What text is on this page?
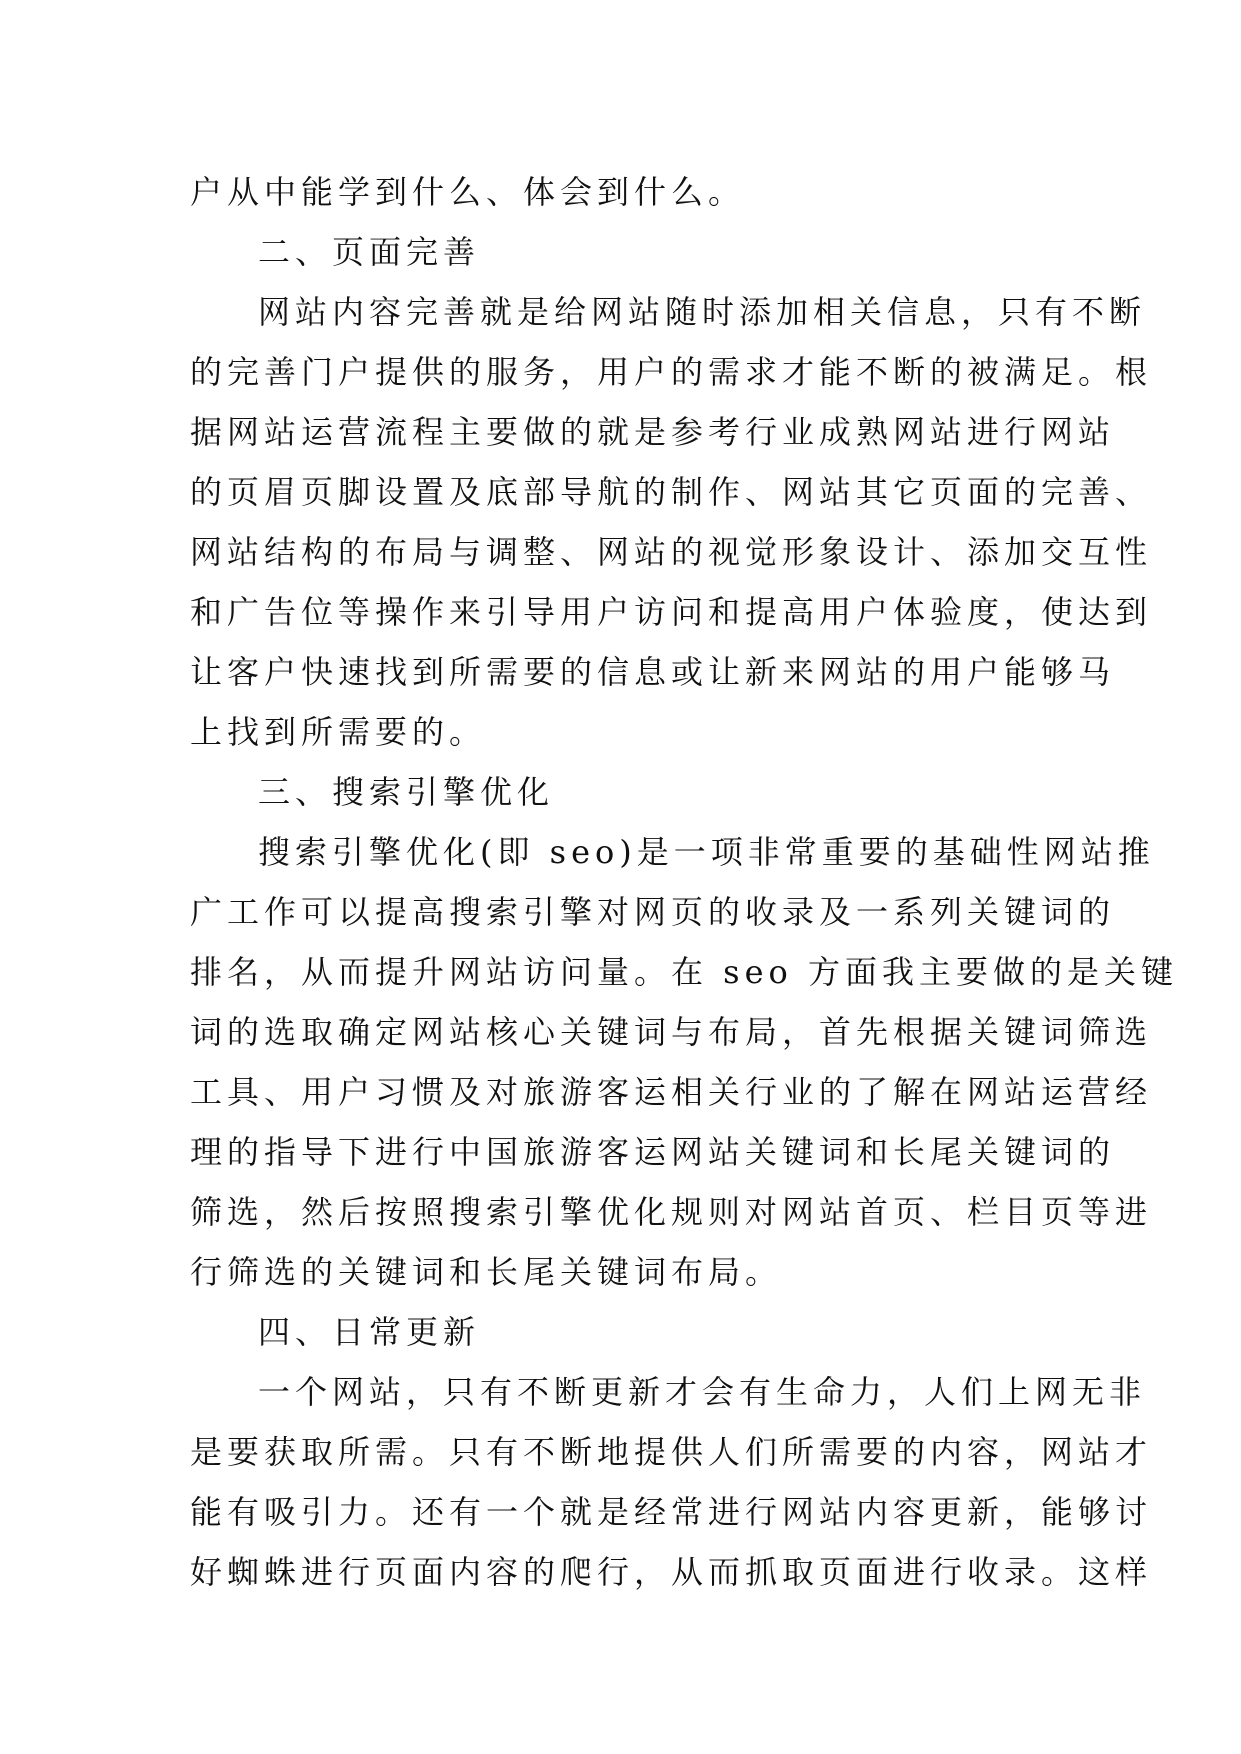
户从中能学到什么、体会到什么。
二、页面完善
网站内容完善就是给网站随时添加相关信息，只有不断
的完善门户提供的服务，用户的需求才能不断的被满足。根
据网站运营流程主要做的就是参考行业成熟网站进行网站
的页眉页脚设置及底部导航的制作、网站其它页面的完善、
网站结构的布局与调整、网站的视觉形象设计、添加交互性
和广告位等操作来引导用户访问和提高用户体验度，使达到
让客户快速找到所需要的信息或让新来网站的用户能够马
上找到所需要的。
三、搜索引擎优化
搜索引擎优化(即 seo)是一项非常重要的基础性网站推
广工作可以提高搜索引擎对网页的收录及一系列关键词的
排名，从而提升网站访问量。在 seo 方面我主要做的是关键
词的选取确定网站核心关键词与布局，首先根据关键词筛选
工具、用户习惯及对旅游客运相关行业的了解在网站运营经
理的指导下进行中国旅游客运网站关键词和长尾关键词的
筛选，然后按照搜索引擎优化规则对网站首页、栏目页等进
行筛选的关键词和长尾关键词布局。
四、日常更新
一个网站，只有不断更新才会有生命力，人们上网无非
是要获取所需。只有不断地提供人们所需要的内容，网站才
能有吸引力。还有一个就是经常进行网站内容更新，能够讨
好蜘蛛进行页面内容的爬行，从而抓取页面进行收录。这样
